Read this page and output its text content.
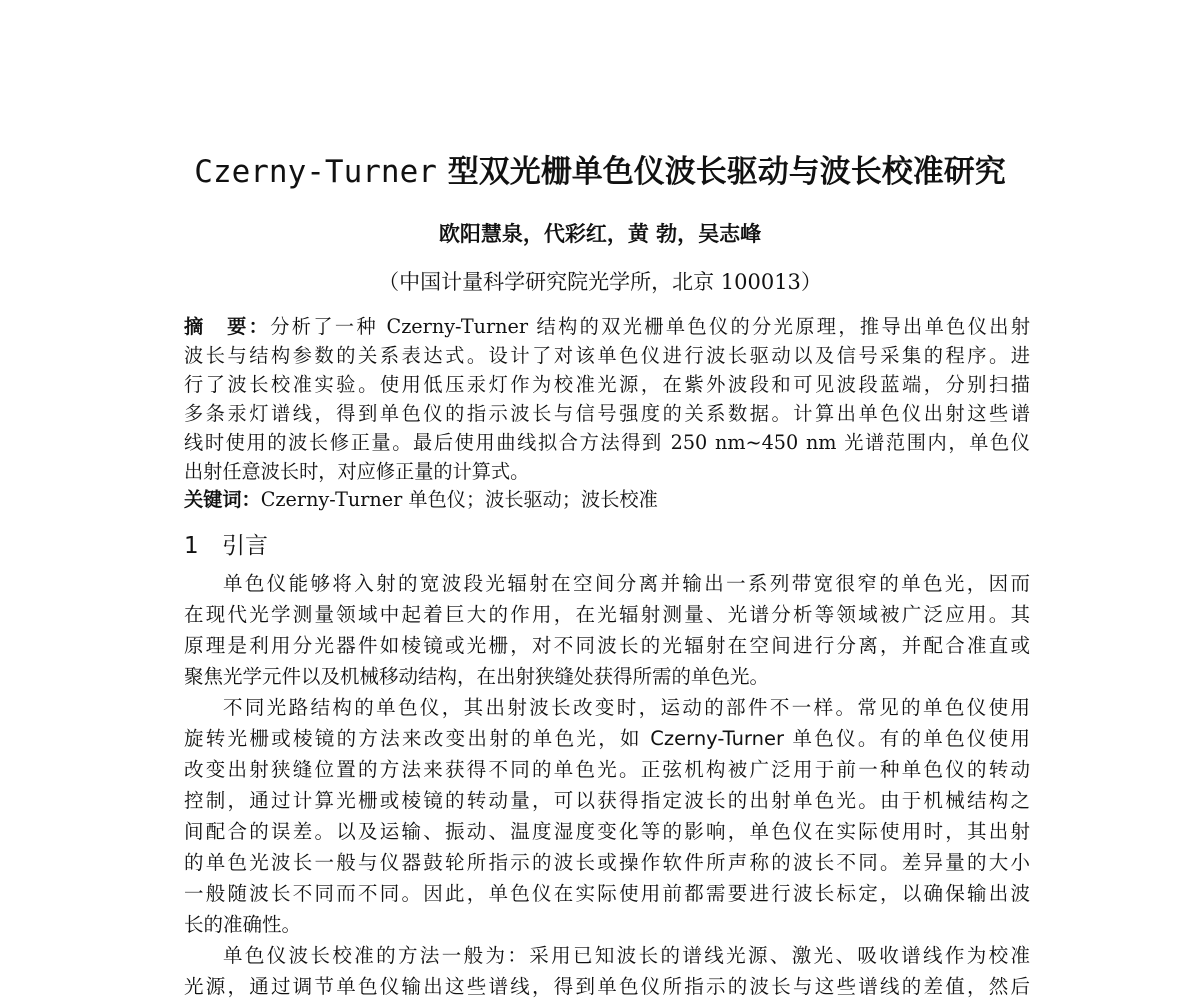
Czerny-Turner 型双光栅单色仪波长驱动与波长校准研究
欧阳慧泉，代彩红，黄 勃，吴志峰
（中国计量科学研究院光学所，北京 100013）
摘　要：分析了一种 Czerny-Turner 结构的双光栅单色仪的分光原理，推导出单色仪出射
波长与结构参数的关系表达式。设计了对该单色仪进行波长驱动以及信号采集的程序。进
行了波长校准实验。使用低压汞灯作为校准光源，在紫外波段和可见波段蓝端，分别扫描
多条汞灯谱线，得到单色仪的指示波长与信号强度的关系数据。计算出单色仪出射这些谱
线时使用的波长修正量。最后使用曲线拟合方法得到 250 nm~450 nm 光谱范围内，单色仪
出射任意波长时，对应修正量的计算式。
关键词：Czerny-Turner 单色仪；波长驱动；波长校准
1 引言
单色仪能够将入射的宽波段光辐射在空间分离并输出一系列带宽很窄的单色光，因而
在现代光学测量领域中起着巨大的作用，在光辐射测量、光谱分析等领域被广泛应用。其
原理是利用分光器件如棱镜或光栅，对不同波长的光辐射在空间进行分离，并配合准直或
聚焦光学元件以及机械移动结构，在出射狭缝处获得所需的单色光。
不同光路结构的单色仪，其出射波长改变时，运动的部件不一样。常见的单色仪使用
旋转光栅或棱镜的方法来改变出射的单色光，如 Czerny-Turner 单色仪。有的单色仪使用
改变出射狭缝位置的方法来获得不同的单色光。正弦机构被广泛用于前一种单色仪的转动
控制，通过计算光栅或棱镜的转动量，可以获得指定波长的出射单色光。由于机械结构之
间配合的误差。以及运输、振动、温度湿度变化等的影响，单色仪在实际使用时，其出射
的单色光波长一般与仪器鼓轮所指示的波长或操作软件所声称的波长不同。差异量的大小
一般随波长不同而不同。因此，单色仪在实际使用前都需要进行波长标定，以确保输出波
长的准确性。
单色仪波长校准的方法一般为：采用已知波长的谱线光源、激光、吸收谱线作为校准
光源，通过调节单色仪输出这些谱线，得到单色仪所指示的波长与这些谱线的差值，然后
